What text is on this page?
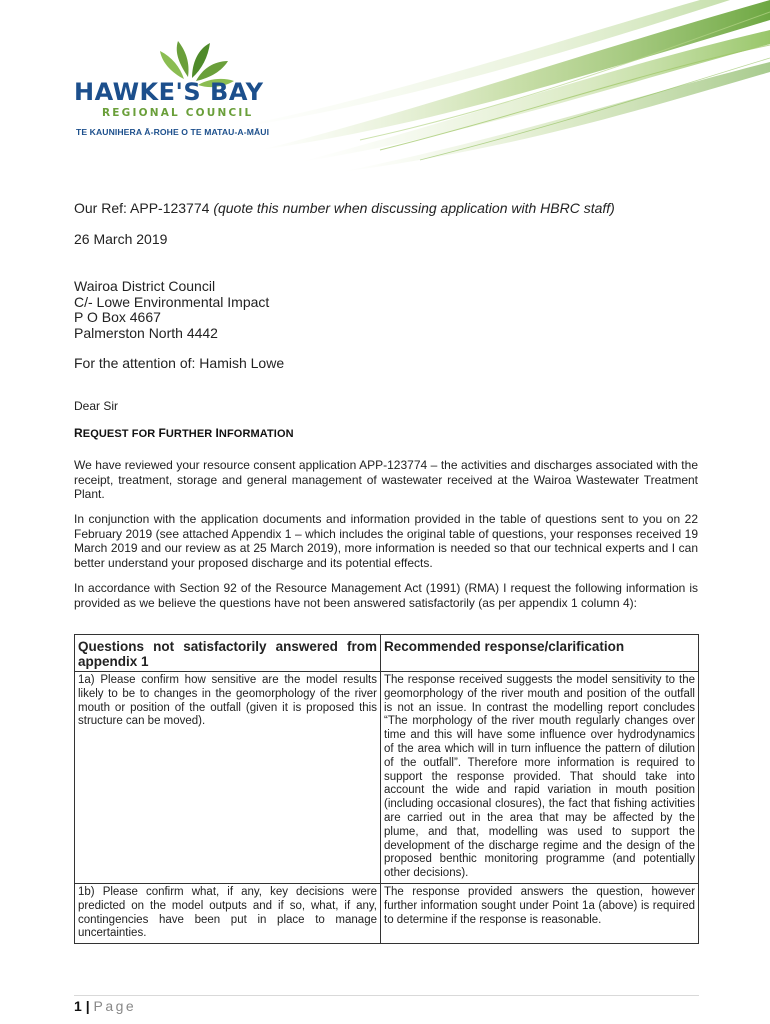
HAWKE'S BAY
REGIONAL COUNCIL
TE KAUNIHERA Ā-ROHE O TE MATAU-A-MĀUI
Our Ref: APP-123774 (quote this number when discussing application with HBRC staff)
26 March 2019
Wairoa District Council
C/- Lowe Environmental Impact
P O Box 4667
Palmerston North 4442
For the attention of: Hamish Lowe
Dear Sir
REQUEST FOR FURTHER INFORMATION

We have reviewed your resource consent application APP-123774 – the activities and discharges associated with the receipt, treatment, storage and general management of wastewater received at the Wairoa Wastewater Treatment Plant.

In conjunction with the application documents and information provided in the table of questions sent to you on 22 February 2019 (see attached Appendix 1 – which includes the original table of questions, your responses received 19 March 2019 and our review as at 25 March 2019), more information is needed so that our technical experts and I can better understand your proposed discharge and its potential effects.

In accordance with Section 92 of the Resource Management Act (1991) (RMA) I request the following information is provided as we believe the questions have not been answered satisfactorily (as per appendix 1 column 4):

Questions not satisfactorily answered from appendix 1	Recommended response/clarification
1a) Please confirm how sensitive are the model results likely to be to changes in the geomorphology of the river mouth or position of the outfall (given it is proposed this structure can be moved).	The response received suggests the model sensitivity to the geomorphology of the river mouth and position of the outfall is not an issue. In contrast the modelling report concludes “The morphology of the river mouth regularly changes over time and this will have some influence over hydrodynamics of the area which will in turn influence the pattern of dilution of the outfall”. Therefore more information is required to support the response provided. That should take into account the wide and rapid variation in mouth position (including occasional closures), the fact that fishing activities are carried out in the area that may be affected by the plume, and that, modelling was used to support the development of the discharge regime and the design of the proposed benthic monitoring programme (and potentially other decisions).
1b) Please confirm what, if any, key decisions were predicted on the model outputs and if so, what, if any, contingencies have been put in place to manage uncertainties.	The response provided answers the question, however further information sought under Point 1a (above) is required to determine if the response is reasonable.
1 | Page
